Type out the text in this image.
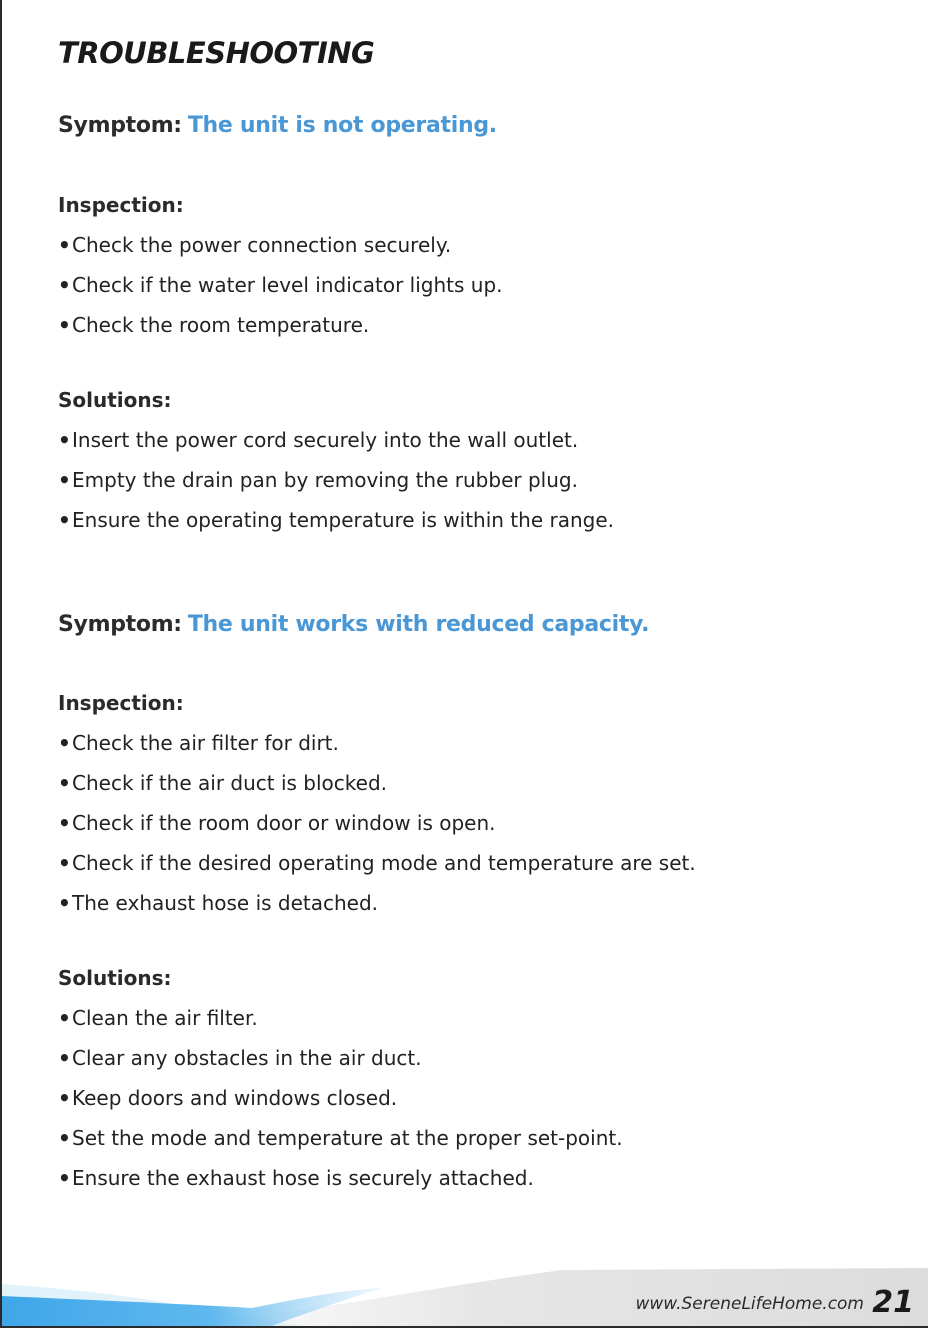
TROUBLESHOOTING

Symptom: The unit is not operating.

Inspection:

•Check the power connection securely.
•Check if the water level indicator lights up.
•Check the room temperature.

Solutions:

•Insert the power cord securely into the wall outlet.
•Empty the drain pan by removing the rubber plug.
•Ensure the operating temperature is within the range.

Symptom: The unit works with reduced capacity.

Inspection:

•Check the air filter for dirt.
•Check if the air duct is blocked.
•Check if the room door or window is open.
•Check if the desired operating mode and temperature are set.
•The exhaust hose is detached.

Solutions:

•Clean the air filter.
•Clear any obstacles in the air duct.
•Keep doors and windows closed.
•Set the mode and temperature at the proper set-point.
•Ensure the exhaust hose is securely attached.
www.SereneLifeHome.com 21
